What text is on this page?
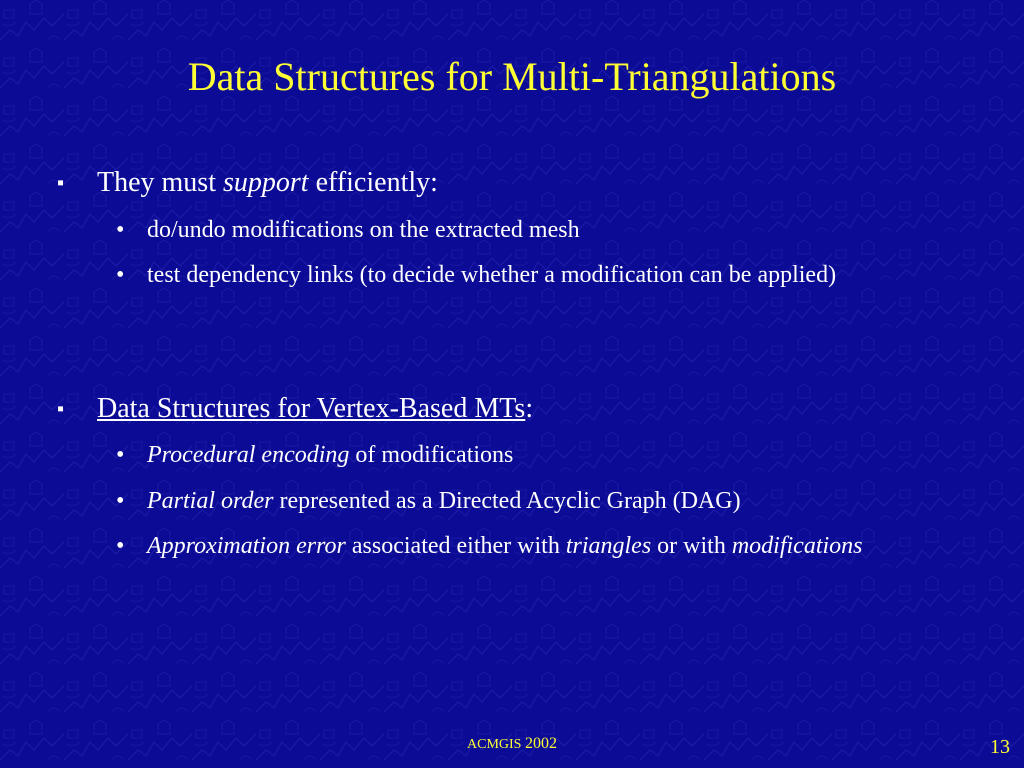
Data Structures for Multi-Triangulations
▪ They must support efficiently:
• do/undo modifications on the extracted mesh
• test dependency links (to decide whether a modification can be applied)
▪ Data Structures for Vertex-Based MTs:
• Procedural encoding of modifications
• Partial order represented as a Directed Acyclic Graph (DAG)
• Approximation error associated either with triangles or with modifications
ACMGIS 2002	13
